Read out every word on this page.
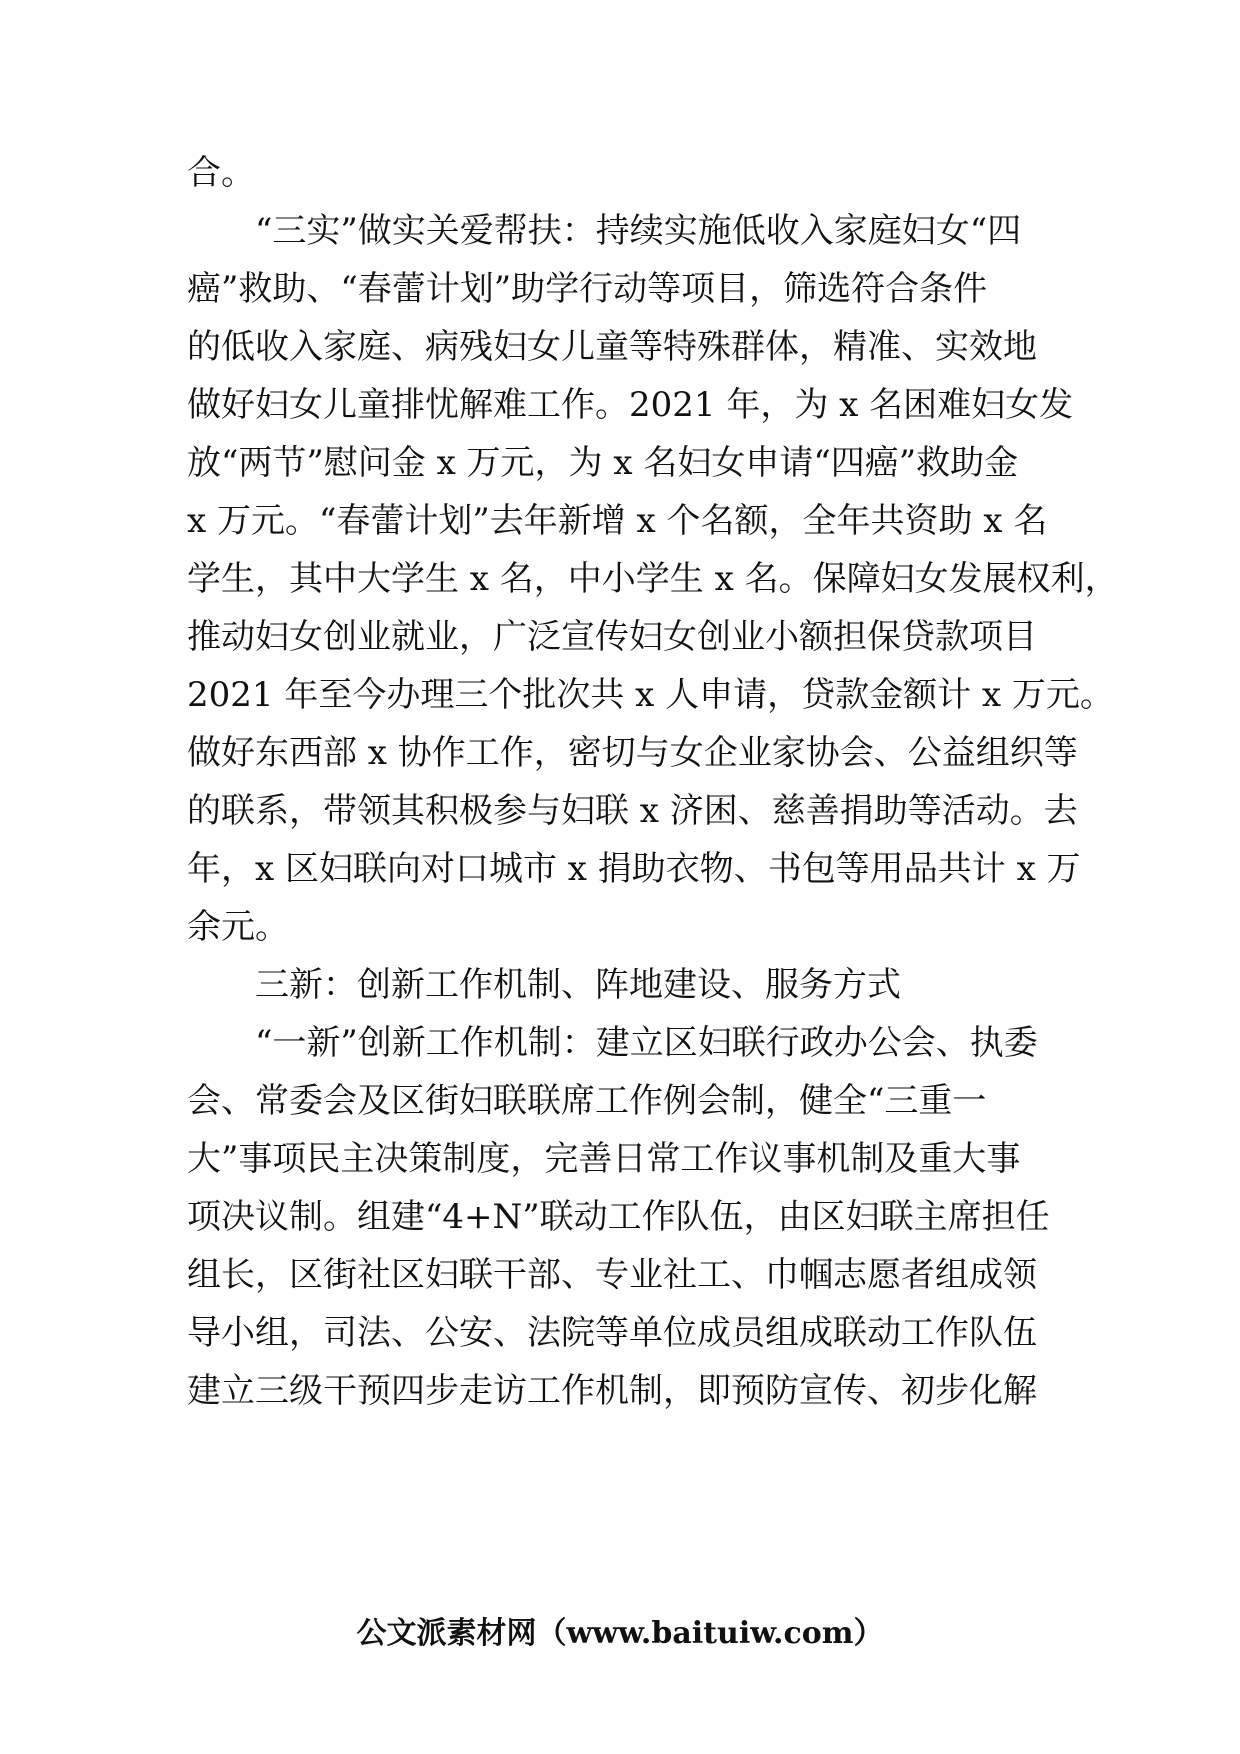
合。
“三实”做实关爱帮扶：持续实施低收入家庭妇女“四
癌”救助、“春蕾计划”助学行动等项目，筛选符合条件
的低收入家庭、病残妇女儿童等特殊群体，精准、实效地
做好妇女儿童排忧解难工作。2021 年，为 x 名困难妇女发
放“两节”慰问金 x 万元，为 x 名妇女申请“四癌”救助金
x 万元。“春蕾计划”去年新增 x 个名额，全年共资助 x 名
学生，其中大学生 x 名，中小学生 x 名。保障妇女发展权利，
推动妇女创业就业，广泛宣传妇女创业小额担保贷款项目
2021 年至今办理三个批次共 x 人申请，贷款金额计 x 万元。
做好东西部 x 协作工作，密切与女企业家协会、公益组织等
的联系，带领其积极参与妇联 x 济困、慈善捐助等活动。去
年，x 区妇联向对口城市 x 捐助衣物、书包等用品共计 x 万
余元。
三新：创新工作机制、阵地建设、服务方式
“一新”创新工作机制：建立区妇联行政办公会、执委
会、常委会及区街妇联联席工作例会制，健全“三重一
大”事项民主决策制度，完善日常工作议事机制及重大事
项决议制。组建“4+N”联动工作队伍，由区妇联主席担任
组长，区街社区妇联干部、专业社工、巾帼志愿者组成领
导小组，司法、公安、法院等单位成员组成联动工作队伍
建立三级干预四步走访工作机制，即预防宣传、初步化解
公文派素材网（www.baituiw.com）
